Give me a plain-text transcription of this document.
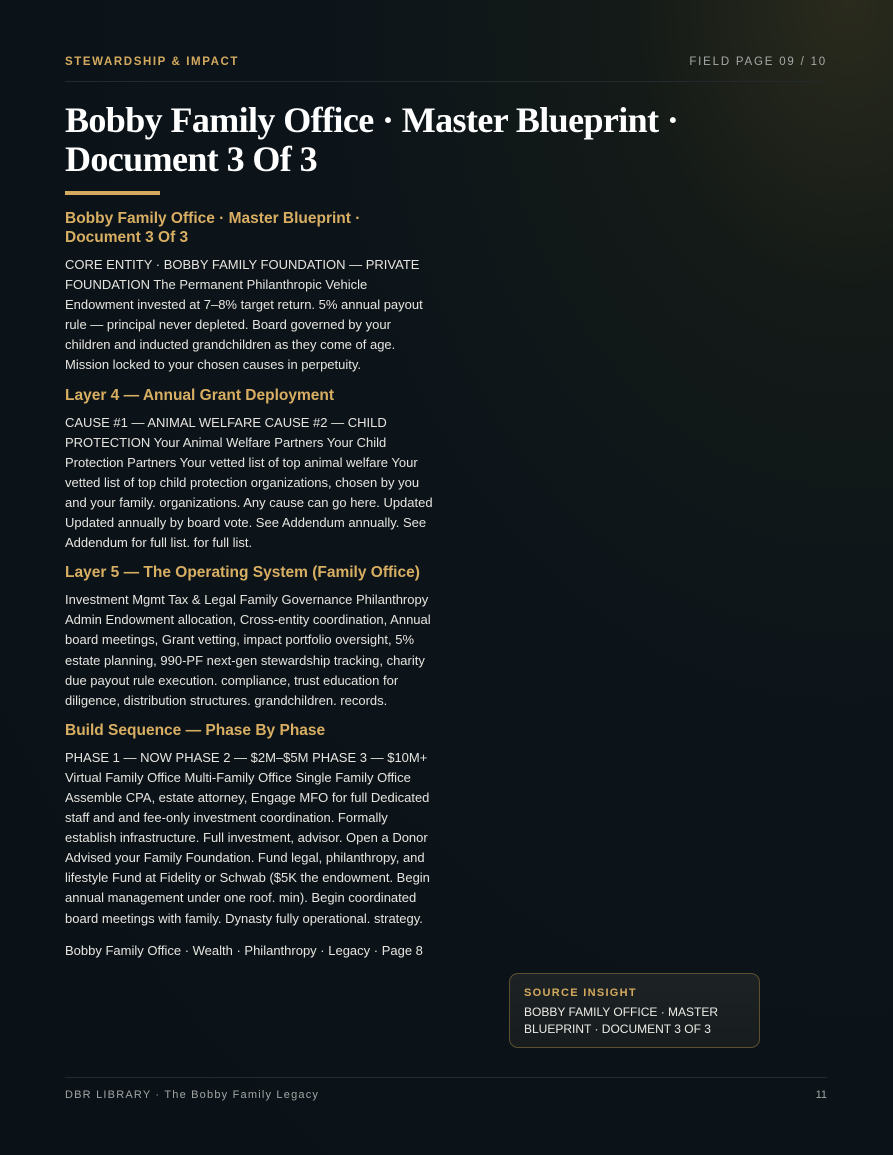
STEWARDSHIP & IMPACT	FIELD PAGE 09 / 10
Bobby Family Office · Master Blueprint · Document 3 Of 3
Bobby Family Office · Master Blueprint · Document 3 Of 3

CORE ENTITY · BOBBY FAMILY FOUNDATION — PRIVATE FOUNDATION The Permanent Philanthropic Vehicle Endowment invested at 7–8% target return. 5% annual payout rule — principal never depleted. Board governed by your children and inducted grandchildren as they come of age. Mission locked to your chosen causes in perpetuity.

Layer 4 — Annual Grant Deployment

CAUSE #1 — ANIMAL WELFARE CAUSE #2 — CHILD PROTECTION Your Animal Welfare Partners Your Child Protection Partners Your vetted list of top animal welfare Your vetted list of top child protection organizations, chosen by you and your family. organizations. Any cause can go here. Updated Updated annually by board vote. See Addendum annually. See Addendum for full list. for full list.

Layer 5 — The Operating System (Family Office)

Investment Mgmt Tax & Legal Family Governance Philanthropy Admin Endowment allocation, Cross-entity coordination, Annual board meetings, Grant vetting, impact portfolio oversight, 5% estate planning, 990-PF next-gen stewardship tracking, charity due payout rule execution. compliance, trust education for diligence, distribution structures. grandchildren. records.

Build Sequence — Phase By Phase

PHASE 1 — NOW PHASE 2 — $2M–$5M PHASE 3 — $10M+ Virtual Family Office Multi-Family Office Single Family Office Assemble CPA, estate attorney, Engage MFO for full Dedicated staff and and fee-only investment coordination. Formally establish infrastructure. Full investment, advisor. Open a Donor Advised your Family Foundation. Fund legal, philanthropy, and lifestyle Fund at Fidelity or Schwab ($5K the endowment. Begin annual management under one roof. min). Begin coordinated board meetings with family. Dynasty fully operational. strategy.

Bobby Family Office · Wealth · Philanthropy · Legacy · Page 8

SOURCE INSIGHT
BOBBY FAMILY OFFICE · MASTER BLUEPRINT · DOCUMENT 3 OF 3
DBR LIBRARY · The Bobby Family Legacy	11
